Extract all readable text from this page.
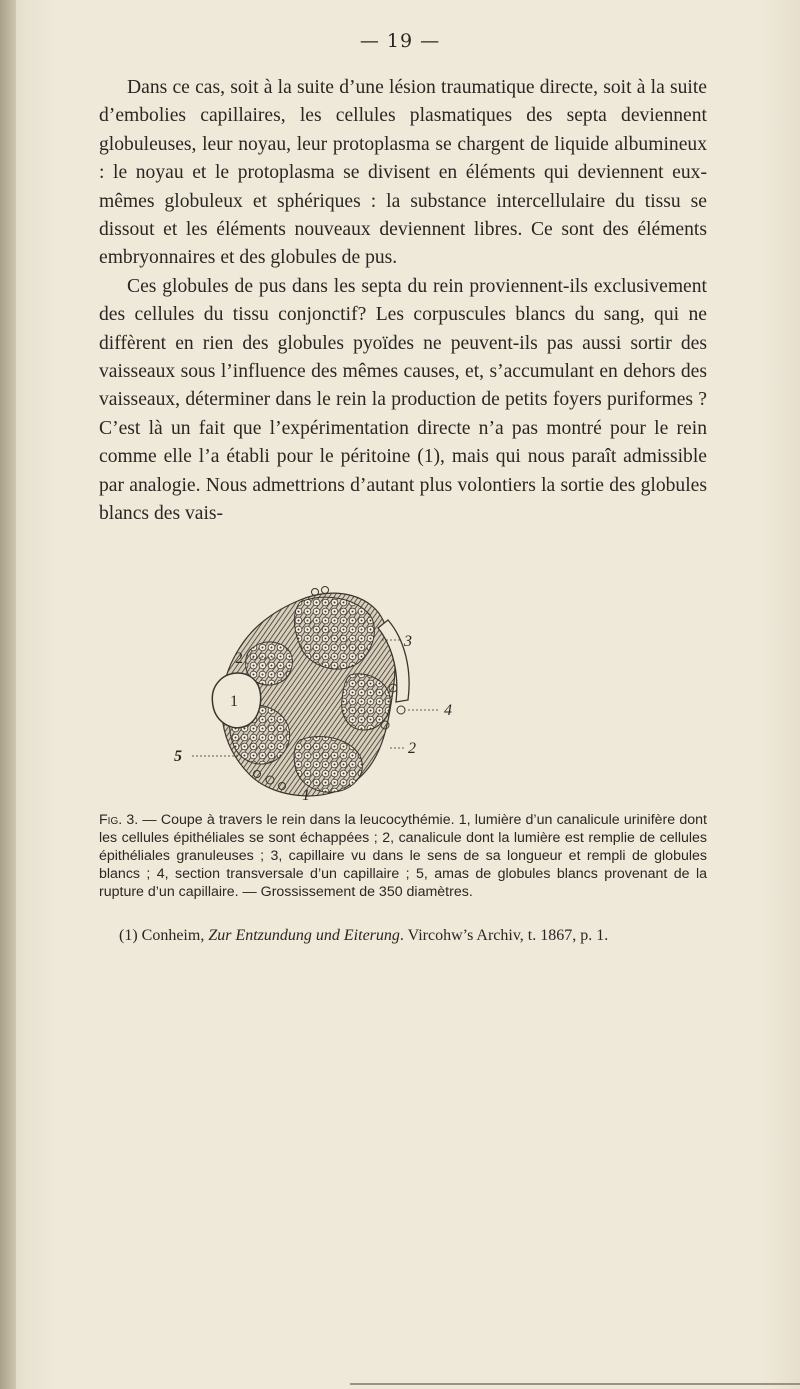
— 19 —

Dans ce cas, soit à la suite d’une lésion traumatique directe, soit à la suite d’embolies capillaires, les cellules plasmatiques des septa deviennent globuleuses, leur noyau, leur protoplasma se chargent de liquide albumineux : le noyau et le protoplasma se divisent en éléments qui deviennent eux-mêmes globuleux et sphériques : la substance intercellulaire du tissu se dissout et les éléments nouveaux deviennent libres. Ce sont des éléments embryonnaires et des globules de pus.

Ces globules de pus dans les septa du rein proviennent-ils exclusivement des cellules du tissu conjonctif? Les corpuscules blancs du sang, qui ne diffèrent en rien des globules pyoïdes ne peuvent-ils pas aussi sortir des vaisseaux sous l’influence des mêmes causes, et, s’accumulant en dehors des vaisseaux, déterminer dans le rein la production de petits foyers puriformes ? C’est là un fait que l’expérimentation directe n’a pas montré pour le rein comme elle l’a établi pour le péritoine (1), mais qui nous paraît admissible par analogie. Nous admettrions d’autant plus volontiers la sortie des globules blancs des vais-

2
3
1
4
2
5
1
Fig. 3. — Coupe à travers le rein dans la leucocythémie. 1, lumière d’un canalicule urinifère dont les cellules épithéliales se sont échappées ; 2, canalicule dont la lumière est remplie de cellules épithéliales granuleuses ; 3, capillaire vu dans le sens de sa longueur et rempli de globules blancs ; 4, section transversale d’un capillaire ; 5, amas de globules blancs provenant de la rupture d’un capillaire. — Grossissement de 350 diamètres.
(1) Conheim, Zur Entzundung und Eiterung. Vircohw’s Archiv, t. 1867, p. 1.
